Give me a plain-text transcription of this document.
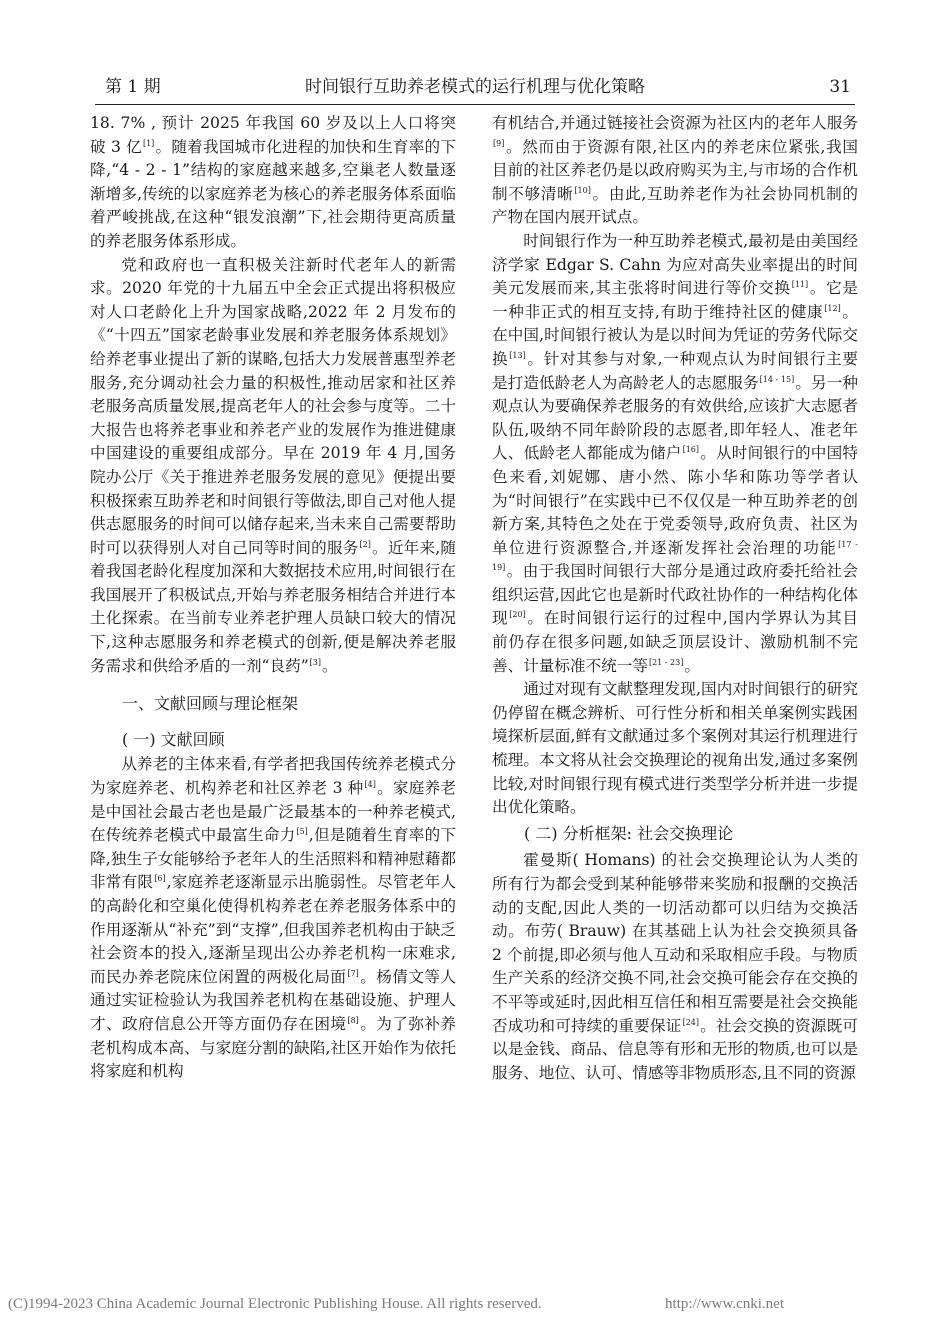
第 1 期	时间银行互助养老模式的运行机理与优化策略	31

18. 7% , 预计 2025 年我国 60 岁及以上人口将突破 3 亿[1]。随着我国城市化进程的加快和生育率的下降,“4 - 2 - 1”结构的家庭越来越多,空巢老人数量逐渐增多,传统的以家庭养老为核心的养老服务体系面临着严峻挑战,在这种“银发浪潮”下,社会期待更高质量的养老服务体系形成。

党和政府也一直积极关注新时代老年人的新需求。2020 年党的十九届五中全会正式提出将积极应对人口老龄化上升为国家战略,2022 年 2 月发布的《“十四五”国家老龄事业发展和养老服务体系规划》给养老事业提出了新的谋略,包括大力发展普惠型养老服务,充分调动社会力量的积极性,推动居家和社区养老服务高质量发展,提高老年人的社会参与度等。二十大报告也将养老事业和养老产业的发展作为推进健康中国建设的重要组成部分。早在 2019 年 4 月,国务院办公厅《关于推进养老服务发展的意见》便提出要积极探索互助养老和时间银行等做法,即自己对他人提供志愿服务的时间可以储存起来,当未来自己需要帮助时可以获得别人对自己同等时间的服务[2]。近年来,随着我国老龄化程度加深和大数据技术应用,时间银行在我国展开了积极试点,开始与养老服务相结合并进行本土化探索。在当前专业养老护理人员缺口较大的情况下,这种志愿服务和养老模式的创新,便是解决养老服务需求和供给矛盾的一剂“良药”[3]。

一、文献回顾与理论框架
( 一) 文献回顾

从养老的主体来看,有学者把我国传统养老模式分为家庭养老、机构养老和社区养老 3 种[4]。家庭养老是中国社会最古老也是最广泛最基本的一种养老模式,在传统养老模式中最富生命力[5],但是随着生育率的下降,独生子女能够给予老年人的生活照料和精神慰藉都非常有限[6],家庭养老逐渐显示出脆弱性。尽管老年人的高龄化和空巢化使得机构养老在养老服务体系中的作用逐渐从“补充”到“支撑”,但我国养老机构由于缺乏社会资本的投入,逐渐呈现出公办养老机构一床难求,而民办养老院床位闲置的两极化局面[7]。杨倩文等人通过实证检验认为我国养老机构在基础设施、护理人才、政府信息公开等方面仍存在困境[8]。为了弥补养老机构成本高、与家庭分割的缺陷,社区开始作为依托将家庭和机构

有机结合,并通过链接社会资源为社区内的老年人服务[9]。然而由于资源有限,社区内的养老床位紧张,我国目前的社区养老仍是以政府购买为主,与市场的合作机制不够清晰[10]。由此,互助养老作为社会协同机制的产物在国内展开试点。

时间银行作为一种互助养老模式,最初是由美国经济学家 Edgar S. Cahn 为应对高失业率提出的时间美元发展而来,其主张将时间进行等价交换[11]。它是一种非正式的相互支持,有助于维持社区的健康[12]。在中国,时间银行被认为是以时间为凭证的劳务代际交换[13]。针对其参与对象,一种观点认为时间银行主要是打造低龄老人为高龄老人的志愿服务[14 - 15]。另一种观点认为要确保养老服务的有效供给,应该扩大志愿者队伍,吸纳不同年龄阶段的志愿者,即年轻人、准老年人、低龄老人都能成为储户[16]。从时间银行的中国特色来看,刘妮娜、唐小然、陈小华和陈功等学者认为“时间银行”在实践中已不仅仅是一种互助养老的创新方案,其特色之处在于党委领导,政府负责、社区为单位进行资源整合,并逐渐发挥社会治理的功能[17 - 19]。由于我国时间银行大部分是通过政府委托给社会组织运营,因此它也是新时代政社协作的一种结构化体现[20]。在时间银行运行的过程中,国内学界认为其目前仍存在很多问题,如缺乏顶层设计、激励机制不完善、计量标准不统一等[21 - 23]。

通过对现有文献整理发现,国内对时间银行的研究仍停留在概念辨析、可行性分析和相关单案例实践困境探析层面,鲜有文献通过多个案例对其运行机理进行梳理。本文将从社会交换理论的视角出发,通过多案例比较,对时间银行现有模式进行类型学分析并进一步提出优化策略。

( 二) 分析框架: 社会交换理论

霍曼斯( Homans) 的社会交换理论认为人类的所有行为都会受到某种能够带来奖励和报酬的交换活动的支配,因此人类的一切活动都可以归结为交换活动。布劳( Brauw) 在其基础上认为社会交换须具备 2 个前提,即必须与他人互动和采取相应手段。与物质生产关系的经济交换不同,社会交换可能会存在交换的不平等或延时,因此相互信任和相互需要是社会交换能否成功和可持续的重要保证[24]。社会交换的资源既可以是金钱、商品、信息等有形和无形的物质,也可以是服务、地位、认可、情感等非物质形态,且不同的资源

(C)1994-2023 China Academic Journal Electronic Publishing House. All rights reserved.	http://www.cnki.net
